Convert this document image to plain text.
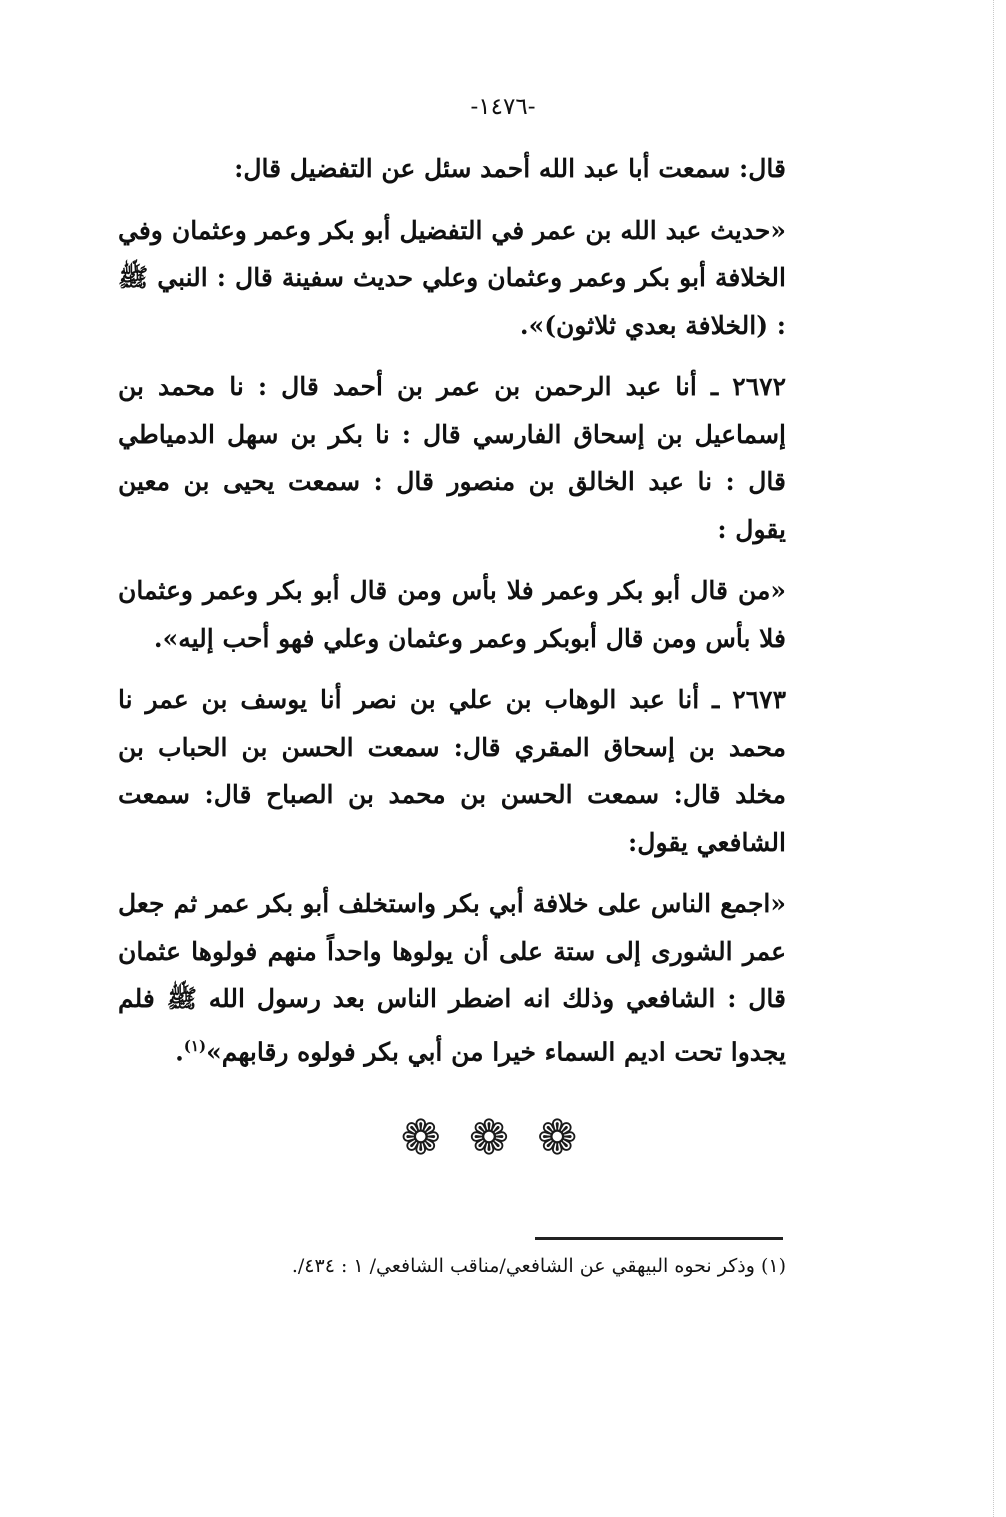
-١٤٧٦-

قال: سمعت أبا عبد الله أحمد سئل عن التفضيل قال:

«حديث عبد الله بن عمر في التفضيل أبو بكر وعمر وعثمان وفي الخلافة أبو بكر وعمر وعثمان وعلي حديث سفينة قال : النبي ﷺ : (الخلافة بعدي ثلاثون)».

٢٦٧٢ ـ أنا عبد الرحمن بن عمر بن أحمد قال : نا محمد بن إسماعيل بن إسحاق الفارسي قال : نا بكر بن سهل الدمياطي قال : نا عبد الخالق بن منصور قال : سمعت يحيى بن معين يقول :

«من قال أبو بكر وعمر فلا بأس ومن قال أبو بكر وعمر وعثمان فلا بأس ومن قال أبوبكر وعمر وعثمان وعلي فهو أحب إليه».

٢٦٧٣ ـ أنا عبد الوهاب بن علي بن نصر أنا يوسف بن عمر نا محمد بن إسحاق المقري قال: سمعت الحسن بن الحباب بن مخلد قال: سمعت الحسن بن محمد بن الصباح قال: سمعت الشافعي يقول:

«اجمع الناس على خلافة أبي بكر واستخلف أبو بكر عمر ثم جعل عمر الشورى إلى ستة على أن يولوها واحداً منهم فولوها عثمان قال : الشافعي وذلك انه اضطر الناس بعد رسول الله ﷺ فلم يجدوا تحت اديم السماء خيرا من أبي بكر فولوه رقابهم»$^{(١)}$.

❁❁❁
(١) وذكر نحوه البيهقي عن الشافعي/مناقب الشافعي/ ١ : ٤٣٤/.
